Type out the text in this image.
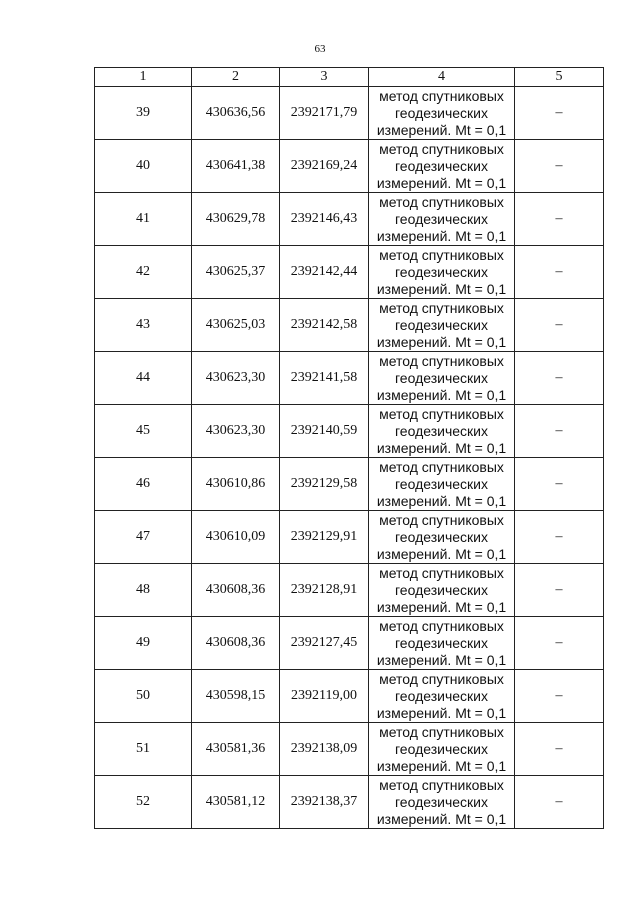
63
1	2	3	4	5
39	430636,56	2392171,79	метод спутниковых
геодезических
измерений. Mt = 0,1	–
40	430641,38	2392169,24	метод спутниковых
геодезических
измерений. Mt = 0,1	–
41	430629,78	2392146,43	метод спутниковых
геодезических
измерений. Mt = 0,1	–
42	430625,37	2392142,44	метод спутниковых
геодезических
измерений. Mt = 0,1	–
43	430625,03	2392142,58	метод спутниковых
геодезических
измерений. Mt = 0,1	–
44	430623,30	2392141,58	метод спутниковых
геодезических
измерений. Mt = 0,1	–
45	430623,30	2392140,59	метод спутниковых
геодезических
измерений. Mt = 0,1	–
46	430610,86	2392129,58	метод спутниковых
геодезических
измерений. Mt = 0,1	–
47	430610,09	2392129,91	метод спутниковых
геодезических
измерений. Mt = 0,1	–
48	430608,36	2392128,91	метод спутниковых
геодезических
измерений. Mt = 0,1	–
49	430608,36	2392127,45	метод спутниковых
геодезических
измерений. Mt = 0,1	–
50	430598,15	2392119,00	метод спутниковых
геодезических
измерений. Mt = 0,1	–
51	430581,36	2392138,09	метод спутниковых
геодезических
измерений. Mt = 0,1	–
52	430581,12	2392138,37	метод спутниковых
геодезических
измерений. Mt = 0,1	–
